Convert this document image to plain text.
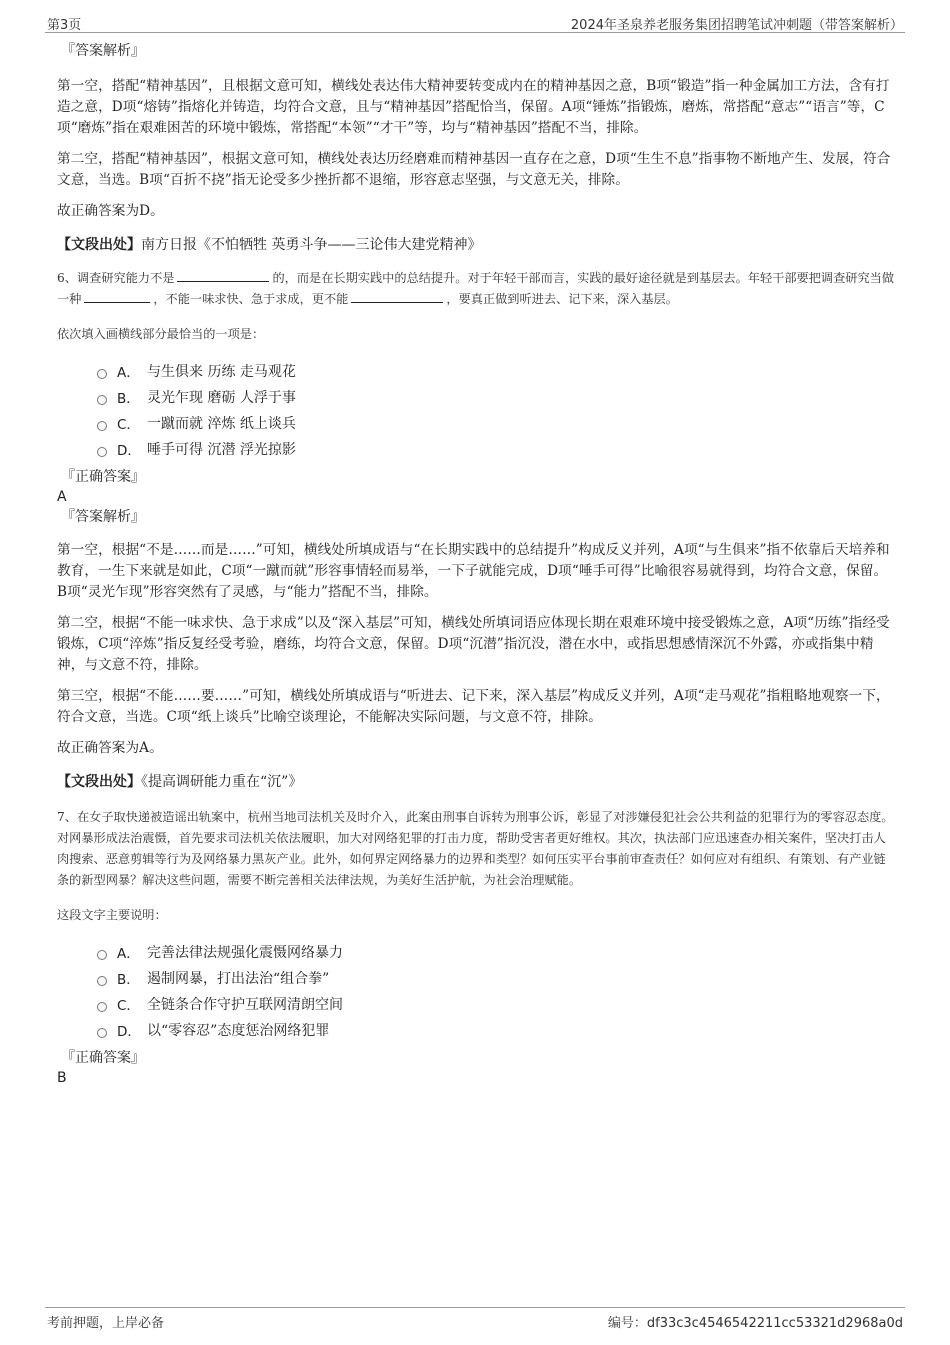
第3页	2024年圣泉养老服务集团招聘笔试冲刺题（带答案解析）
『答案解析』

第一空，搭配“精神基因”，且根据文意可知，横线处表达伟大精神要转变成内在的精神基因之意，B项“锻造”指一种金属加工方法，含有打造之意，D项“熔铸”指熔化并铸造，均符合文意，且与“精神基因”搭配恰当，保留。A项“锤炼”指锻炼，磨炼，常搭配“意志”“语言”等，C项“磨炼”指在艰难困苦的环境中锻炼，常搭配“本领”“才干”等，均与“精神基因”搭配不当，排除。

第二空，搭配“精神基因”，根据文意可知，横线处表达历经磨难而精神基因一直存在之意，D项“生生不息”指事物不断地产生、发展，符合文意，当选。B项“百折不挠”指无论受多少挫折都不退缩，形容意志坚强，与文意无关，排除。

故正确答案为D。

【文段出处】南方日报《不怕牺牲 英勇斗争——三论伟大建党精神》
6、调查研究能力不是	的，而是在长期实践中的总结提升。对于年轻干部而言，实践的最好途径就是到基层去。年轻干部要把调查研究当做一种	，不能一味求快、急于求成，更不能	，要真正做到听进去、记下来，深入基层。
依次填入画横线部分最恰当的一项是：
A． 与生俱来 历练 走马观花
B． 灵光乍现 磨砺 人浮于事
C． 一蹴而就 淬炼 纸上谈兵
D． 唾手可得 沉潜 浮光掠影
『正确答案』
A
『答案解析』

第一空，根据“不是……而是……”可知，横线处所填成语与“在长期实践中的总结提升”构成反义并列，A项“与生俱来”指不依靠后天培养和教育，一生下来就是如此，C项“一蹴而就”形容事情轻而易举，一下子就能完成，D项“唾手可得”比喻很容易就得到，均符合文意，保留。B项“灵光乍现”形容突然有了灵感，与“能力”搭配不当，排除。

第二空，根据“不能一味求快、急于求成”以及“深入基层”可知，横线处所填词语应体现长期在艰难环境中接受锻炼之意，A项“历练”指经受锻炼，C项“淬炼”指反复经受考验，磨练，均符合文意，保留。D项“沉潜”指沉没，潜在水中，或指思想感情深沉不外露，亦或指集中精神，与文意不符，排除。

第三空，根据“不能……要……”可知，横线处所填成语与“听进去、记下来，深入基层”构成反义并列，A项“走马观花”指粗略地观察一下，符合文意，当选。C项“纸上谈兵”比喻空谈理论，不能解决实际问题，与文意不符，排除。

故正确答案为A。

【文段出处】《提高调研能力重在“沉”》
7、在女子取快递被造谣出轨案中，杭州当地司法机关及时介入，此案由刑事自诉转为刑事公诉，彰显了对涉嫌侵犯社会公共利益的犯罪行为的零容忍态度。对网暴形成法治震慑，首先要求司法机关依法履职，加大对网络犯罪的打击力度，帮助受害者更好维权。其次，执法部门应迅速查办相关案件，坚决打击人肉搜索、恶意剪辑等行为及网络暴力黑灰产业。此外，如何界定网络暴力的边界和类型？如何压实平台事前审查责任？如何应对有组织、有策划、有产业链条的新型网暴？解决这些问题，需要不断完善相关法律法规，为美好生活护航，为社会治理赋能。
这段文字主要说明：
A． 完善法律法规强化震慑网络暴力
B． 遏制网暴，打出法治“组合拳”
C． 全链条合作守护互联网清朗空间
D． 以“零容忍”态度惩治网络犯罪
『正确答案』
B
考前押题，上岸必备	编号：df33c3c4546542211cc53321d2968a0d
